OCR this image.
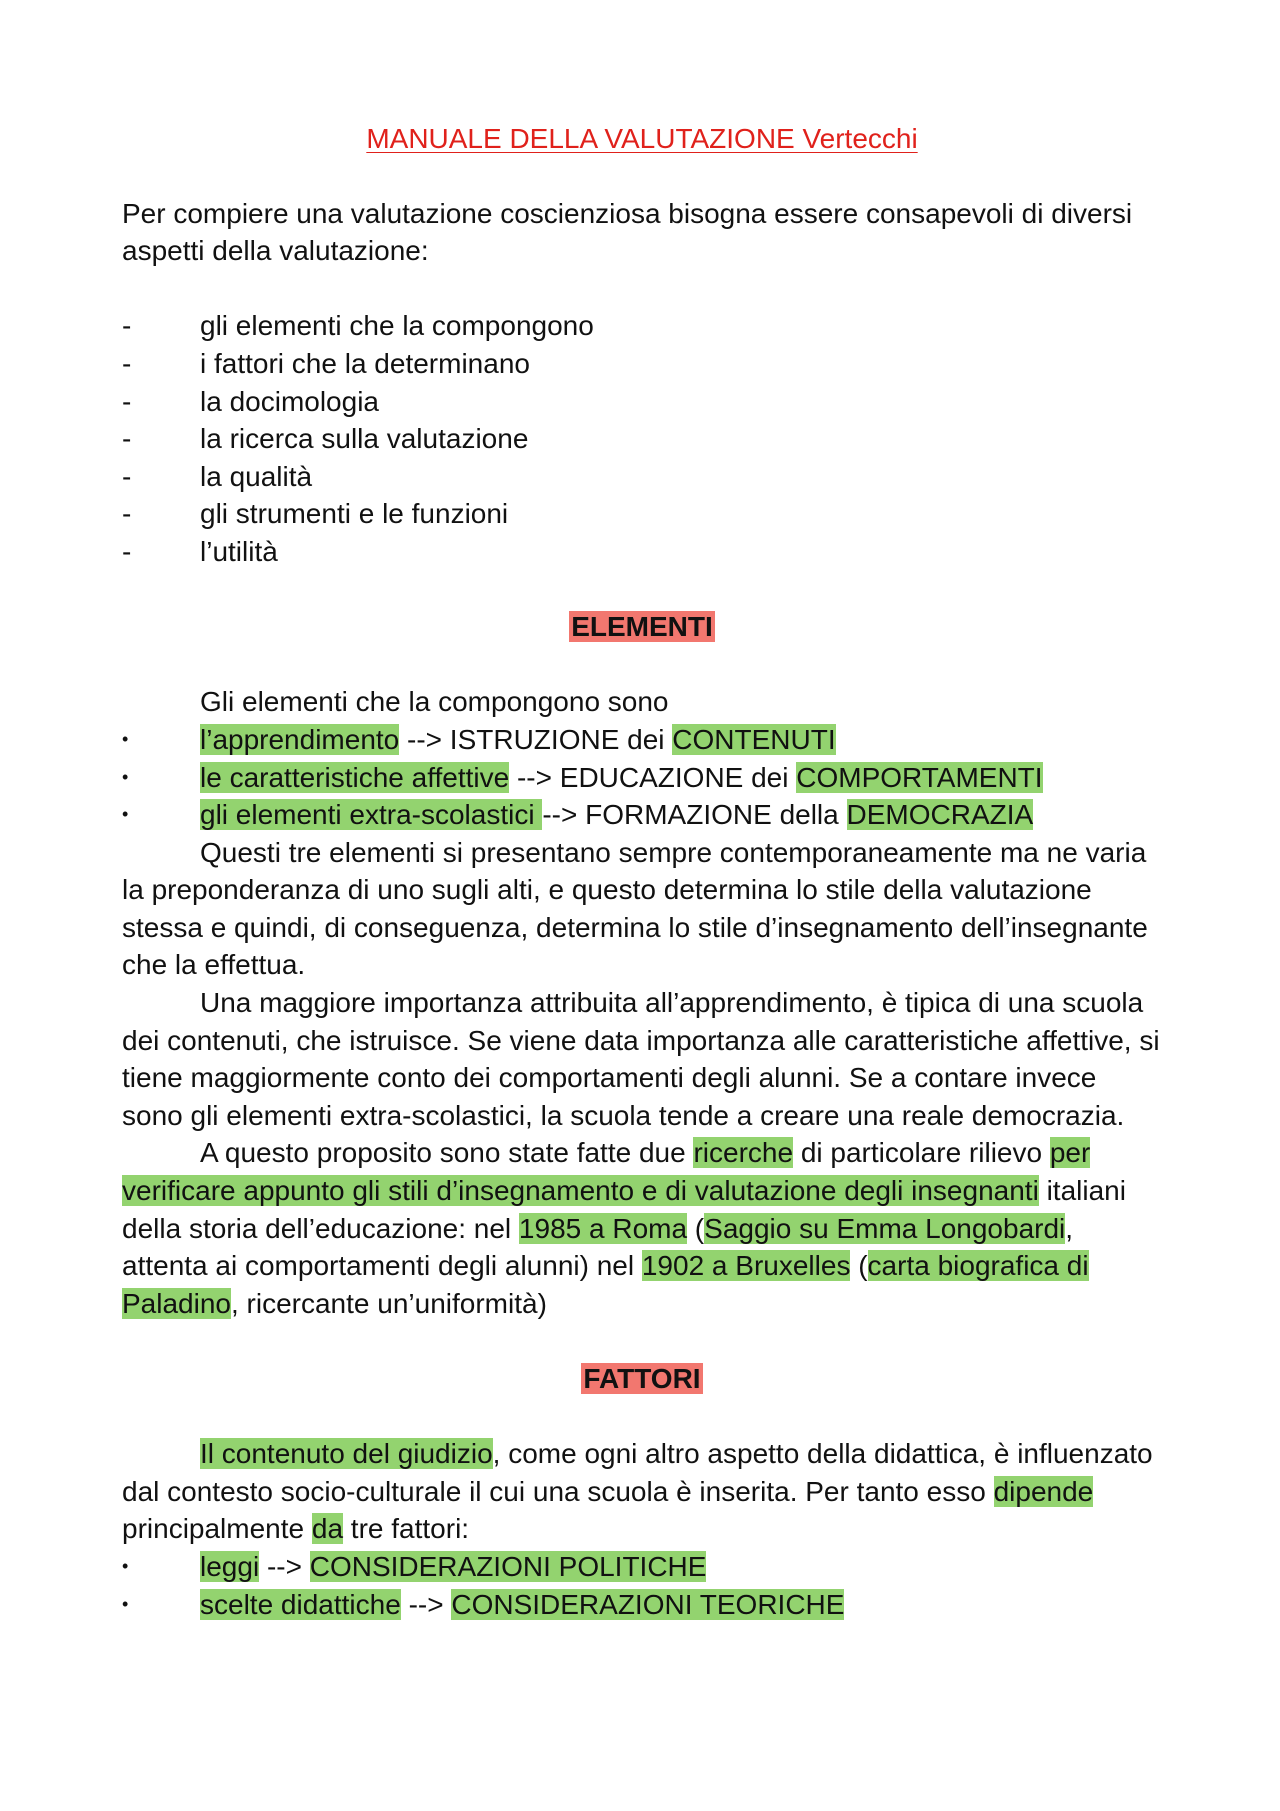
MANUALE DELLA VALUTAZIONE Vertecchi

Per compiere una valutazione coscienziosa bisogna essere consapevoli di diversi aspetti della valutazione:

-	gli elementi che la compongono
-	i fattori che la determinano
-	la docimologia
-	la ricerca sulla valutazione
-	la qualità
-	gli strumenti e le funzioni
-	l’utilità

ELEMENTI

Gli elementi che la compongono sono

•	l’apprendimento --> ISTRUZIONE dei CONTENUTI
•	le caratteristiche affettive --> EDUCAZIONE dei COMPORTAMENTI
•	gli elementi extra-scolastici --> FORMAZIONE della DEMOCRAZIA

Questi tre elementi si presentano sempre contemporaneamente ma ne varia la preponderanza di uno sugli alti, e questo determina lo stile della valutazione stessa e quindi, di conseguenza, determina lo stile d’insegnamento dell’insegnante che la effettua.

Una maggiore importanza attribuita all’apprendimento, è tipica di una scuola dei contenuti, che istruisce. Se viene data importanza alle caratteristiche affettive, si tiene maggiormente conto dei comportamenti degli alunni. Se a contare invece sono gli elementi extra-scolastici, la scuola tende a creare una reale democrazia.

A questo proposito sono state fatte due ricerche di particolare rilievo per verificare appunto gli stili d’insegnamento e di valutazione degli insegnanti italiani della storia dell’educazione: nel 1985 a Roma (Saggio su Emma Longobardi, attenta ai comportamenti degli alunni) nel 1902 a Bruxelles (carta biografica di Paladino, ricercante un’uniformità)

FATTORI

Il contenuto del giudizio, come ogni altro aspetto della didattica, è influenzato dal contesto socio-culturale il cui una scuola è inserita. Per tanto esso dipende principalmente da tre fattori:

•	leggi --> CONSIDERAZIONI POLITICHE
•	scelte didattiche --> CONSIDERAZIONI TEORICHE
